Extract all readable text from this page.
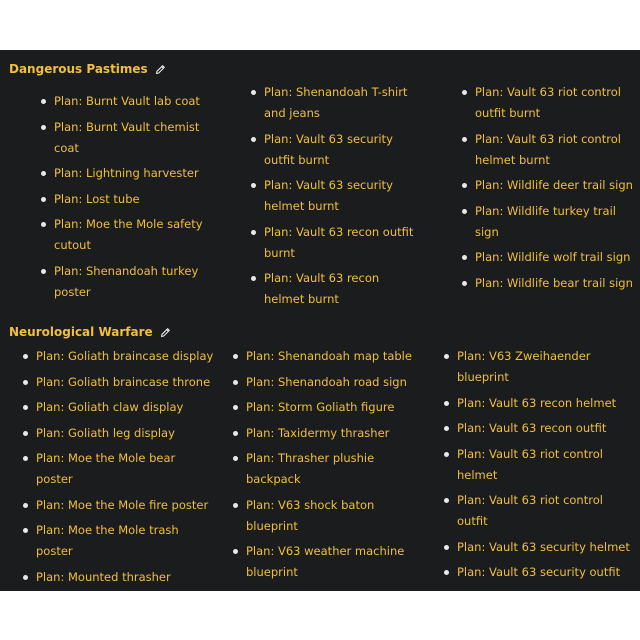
Dangerous Pastimes
Plan: Burnt Vault lab coat
Plan: Burnt Vault chemist coat
Plan: Lightning harvester
Plan: Lost tube
Plan: Moe the Mole safety cutout
Plan: Shenandoah turkey poster
Plan: Shenandoah T-shirt and jeans
Plan: Vault 63 security outfit burnt
Plan: Vault 63 security helmet burnt
Plan: Vault 63 recon outfit burnt
Plan: Vault 63 recon helmet burnt
Plan: Vault 63 riot control outfit burnt
Plan: Vault 63 riot control helmet burnt
Plan: Wildlife deer trail sign
Plan: Wildlife turkey trail sign
Plan: Wildlife wolf trail sign
Plan: Wildlife bear trail sign
Neurological Warfare
Plan: Goliath braincase display
Plan: Goliath braincase throne
Plan: Goliath claw display
Plan: Goliath leg display
Plan: Moe the Mole bear poster
Plan: Moe the Mole fire poster
Plan: Moe the Mole trash poster
Plan: Mounted thrasher
Plan: Shenandoah map table
Plan: Shenandoah road sign
Plan: Storm Goliath figure
Plan: Taxidermy thrasher
Plan: Thrasher plushie backpack
Plan: V63 shock baton blueprint
Plan: V63 weather machine blueprint
Plan: V63 Zweihaender blueprint
Plan: Vault 63 recon helmet
Plan: Vault 63 recon outfit
Plan: Vault 63 riot control helmet
Plan: Vault 63 riot control outfit
Plan: Vault 63 security helmet
Plan: Vault 63 security outfit
